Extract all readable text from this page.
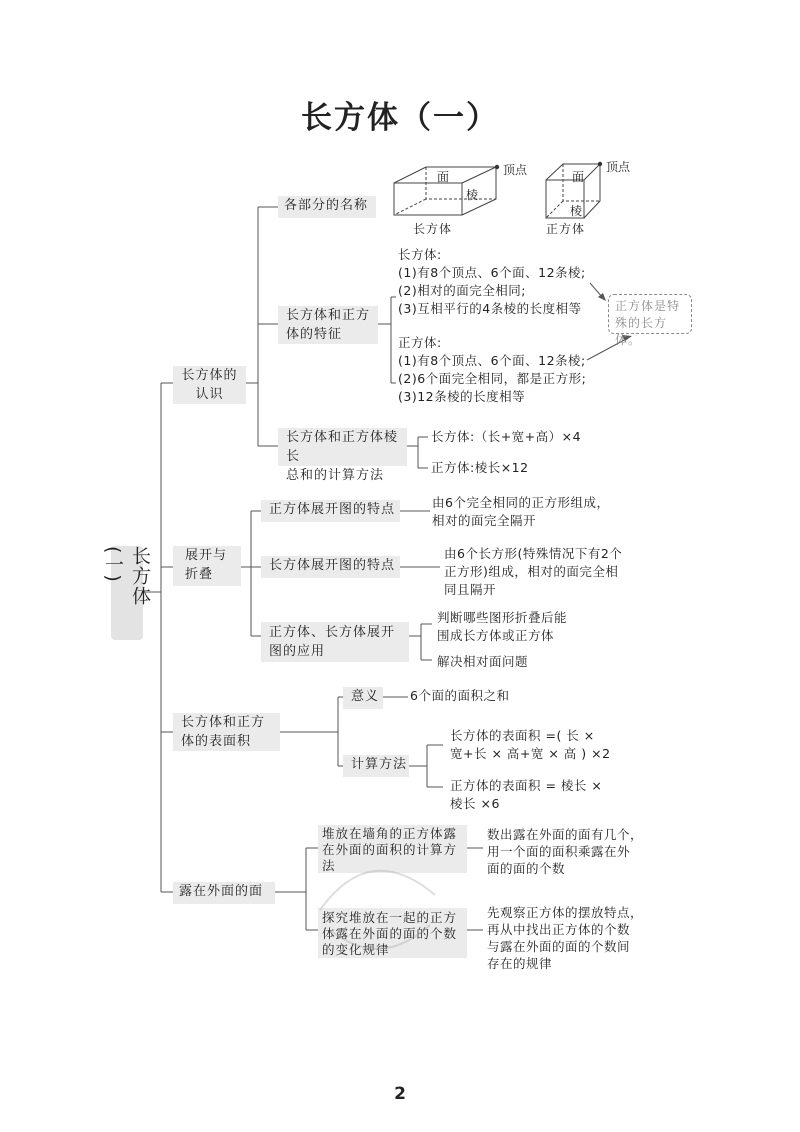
长方体（一）
长方体(一)
长方体的
认识
各部分的名称
面
棱
顶点
长方体
面
棱
顶点
正方体
长方体和正方
体的特征
长方体:
(1)有8个顶点、6个面、12条棱;
(2)相对的面完全相同;
(3)互相平行的4条棱的长度相等
正方体:
(1)有8个顶点、6个面、12条棱;
(2)6个面完全相同，都是正方形;
(3)12条棱的长度相等
正方体是特
殊的长方体。
长方体和正方体棱长
总和的计算方法
长方体:（长+宽+高）×4
正方体:棱长×12
展开与
折叠
正方体展开图的特点	由6个完全相同的正方形组成，
相对的面完全隔开
长方体展开图的特点
由6个长方形(特殊情况下有2个
正方形)组成，相对的面完全相
同且隔开
正方体、长方体展开
图的应用
判断哪些图形折叠后能
围成长方体或正方体
解决相对面问题
长方体和正方
体的表面积
意义	6个面的面积之和
计算方法
长方体的表面积 =( 长 ×
宽+长 × 高+宽 × 高 ) ×2
正方体的表面积 = 棱长 ×
棱长 ×6
露在外面的面
堆放在墙角的正方体露
在外面的面积的计算方
法
数出露在外面的面有几个，
用一个面的面积乘露在外
面的面的个数
探究堆放在一起的正方
体露在外面的面的个数
的变化规律
先观察正方体的摆放特点，
再从中找出正方体的个数
与露在外面的面的个数间
存在的规律
2
